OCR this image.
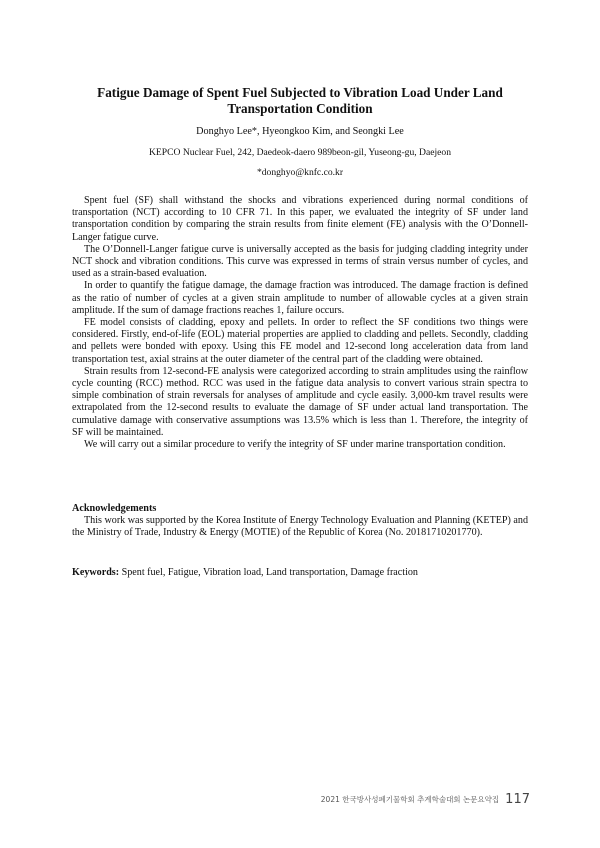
Fatigue Damage of Spent Fuel Subjected to Vibration Load Under Land Transportation Condition
Donghyo Lee*, Hyeongkoo Kim, and Seongki Lee
KEPCO Nuclear Fuel, 242, Daedeok-daero 989beon-gil, Yuseong-gu, Daejeon
*donghyo@knfc.co.kr

Spent fuel (SF) shall withstand the shocks and vibrations experienced during normal conditions of transportation (NCT) according to 10 CFR 71. In this paper, we evaluated the integrity of SF under land transportation condition by comparing the strain results from finite element (FE) analysis with the O’Donnell-Langer fatigue curve.

The O’Donnell-Langer fatigue curve is universally accepted as the basis for judging cladding integrity under NCT shock and vibration conditions. This curve was expressed in terms of strain versus number of cycles, and used as a strain-based evaluation.

In order to quantify the fatigue damage, the damage fraction was introduced. The damage fraction is defined as the ratio of number of cycles at a given strain amplitude to number of allowable cycles at a given strain amplitude. If the sum of damage fractions reaches 1, failure occurs.

FE model consists of cladding, epoxy and pellets. In order to reflect the SF conditions two things were considered. Firstly, end-of-life (EOL) material properties are applied to cladding and pellets. Secondly, cladding and pellets were bonded with epoxy. Using this FE model and 12-second long acceleration data from land transportation test, axial strains at the outer diameter of the central part of the cladding were obtained.

Strain results from 12-second-FE analysis were categorized according to strain amplitudes using the rainflow cycle counting (RCC) method. RCC was used in the fatigue data analysis to convert various strain spectra to simple combination of strain reversals for analyses of amplitude and cycle easily. 3,000-km travel results were extrapolated from the 12-second results to evaluate the damage of SF under actual land transportation. The cumulative damage with conservative assumptions was 13.5% which is less than 1. Therefore, the integrity of SF will be maintained.

We will carry out a similar procedure to verify the integrity of SF under marine transportation condition.

Acknowledgements

This work was supported by the Korea Institute of Energy Technology Evaluation and Planning (KETEP) and the Ministry of Trade, Industry & Energy (MOTIE) of the Republic of Korea (No. 20181710201770).

Keywords: Spent fuel, Fatigue, Vibration load, Land transportation, Damage fraction
2021 한국방사성폐기물학회 추계학술대회 논문요약집 117
